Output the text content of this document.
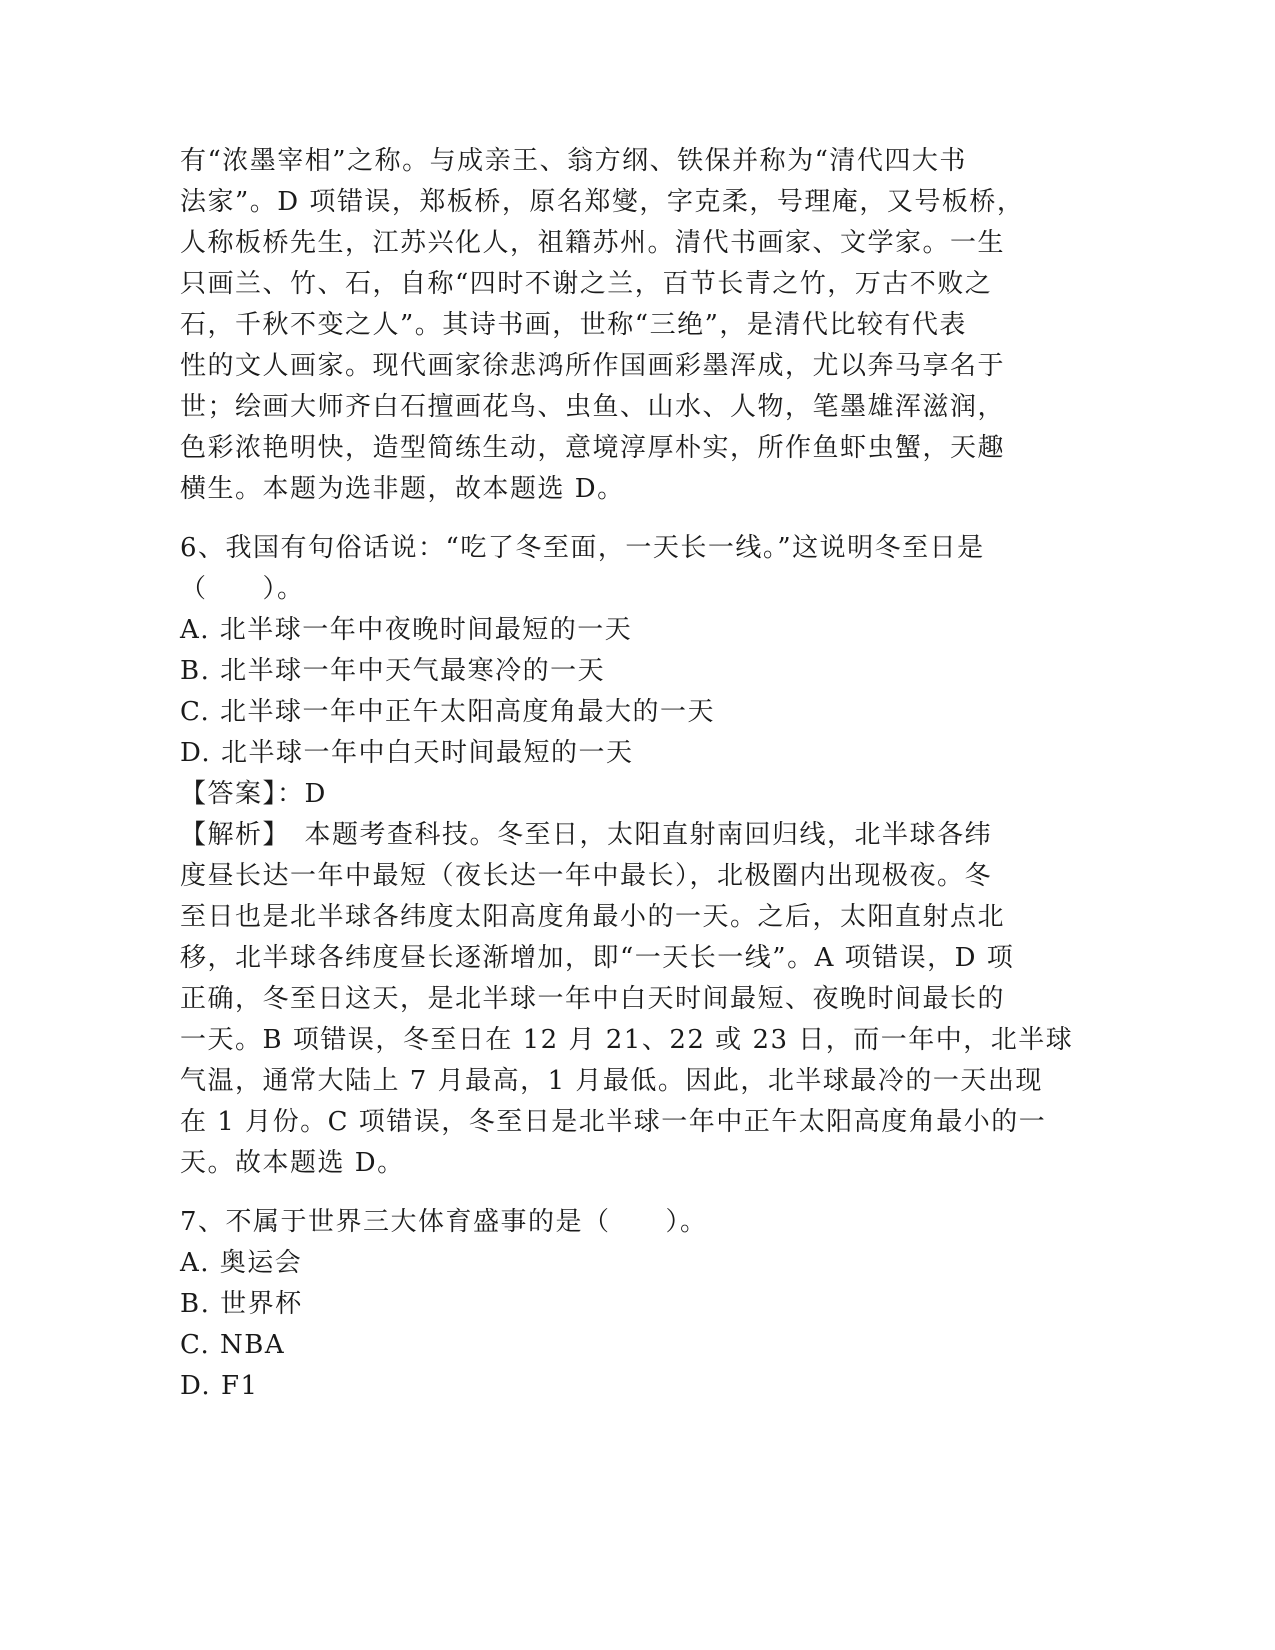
有“浓墨宰相”之称。与成亲王、翁方纲、铁保并称为“清代四大书
法家”。D 项错误，郑板桥，原名郑燮，字克柔，号理庵，又号板桥，
人称板桥先生，江苏兴化人，祖籍苏州。清代书画家、文学家。一生
只画兰、竹、石，自称“四时不谢之兰，百节长青之竹，万古不败之
石，千秋不变之人”。其诗书画，世称“三绝”，是清代比较有代表
性的文人画家。现代画家徐悲鸿所作国画彩墨浑成，尤以奔马享名于
世；绘画大师齐白石擅画花鸟、虫鱼、山水、人物，笔墨雄浑滋润，
色彩浓艳明快，造型简练生动，意境淳厚朴实，所作鱼虾虫蟹，天趣
横生。本题为选非题，故本题选 D。
6、我国有句俗话说：“吃了冬至面，一天长一线。”这说明冬至日是
（　　）。
A. 北半球一年中夜晚时间最短的一天
B. 北半球一年中天气最寒冷的一天
C. 北半球一年中正午太阳高度角最大的一天
D. 北半球一年中白天时间最短的一天
【答案】：D
【解析】　本题考查科技。冬至日，太阳直射南回归线，北半球各纬
度昼长达一年中最短（夜长达一年中最长），北极圈内出现极夜。冬
至日也是北半球各纬度太阳高度角最小的一天。之后，太阳直射点北
移，北半球各纬度昼长逐渐增加，即“一天长一线”。A 项错误，D 项
正确，冬至日这天，是北半球一年中白天时间最短、夜晚时间最长的
一天。B 项错误，冬至日在 12 月 21、22 或 23 日，而一年中，北半球
气温，通常大陆上 7 月最高，1 月最低。因此，北半球最冷的一天出现
在 1 月份。C 项错误，冬至日是北半球一年中正午太阳高度角最小的一
天。故本题选 D。
7、不属于世界三大体育盛事的是（　　）。
A. 奥运会
B. 世界杯
C. NBA
D. F1
